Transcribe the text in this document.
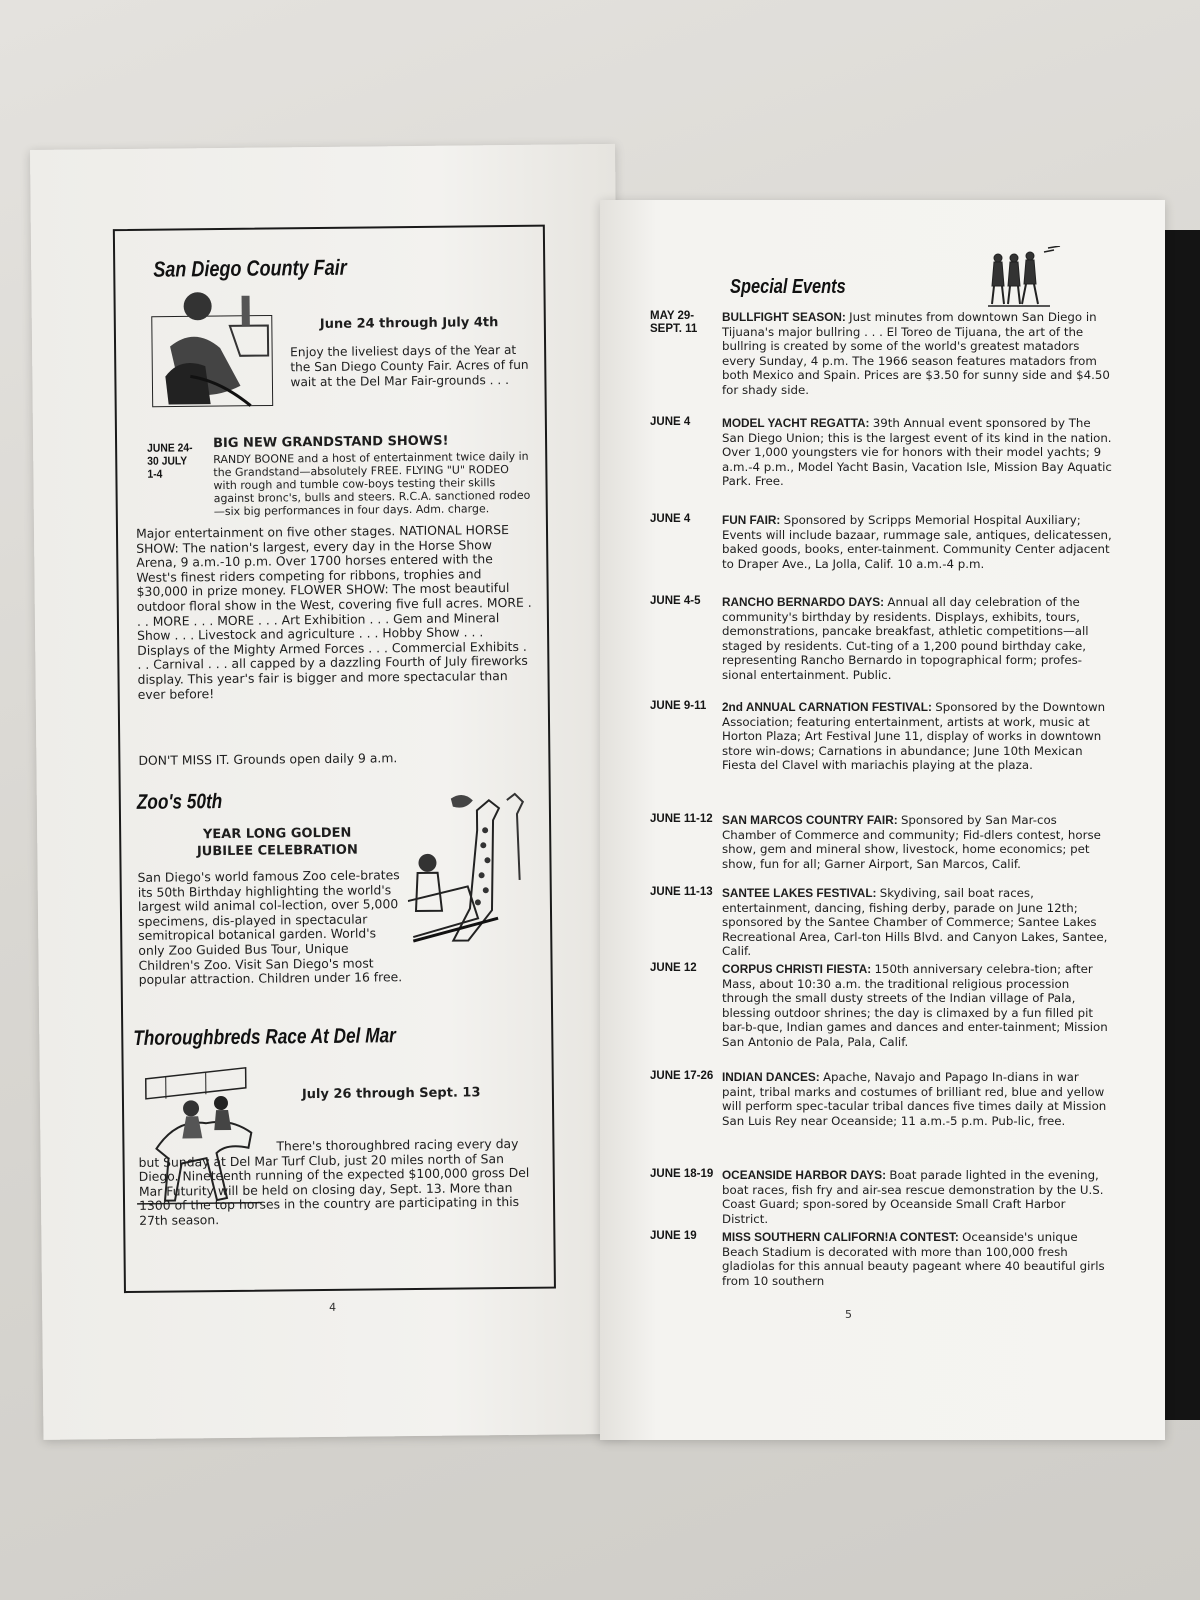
San Diego County Fair
June 24 through July 4th
Enjoy the liveliest days of the Year at the San Diego County Fair. Acres of fun wait at the Del Mar Fair-grounds . . .
JUNE 24-30 JULY 1-4
BIG NEW GRANDSTAND SHOWS!
RANDY BOONE and a host of entertainment twice daily in the Grandstand—absolutely FREE. FLYING "U" RODEO with rough and tumble cow-boys testing their skills against bronc's, bulls and steers. R.C.A. sanctioned rodeo—six big performances in four days. Adm. charge.
Major entertainment on five other stages. NATIONAL HORSE SHOW: The nation's largest, every day in the Horse Show Arena, 9 a.m.-10 p.m. Over 1700 horses entered with the West's finest riders competing for ribbons, trophies and $30,000 in prize money. FLOWER SHOW: The most beautiful outdoor floral show in the West, covering five full acres. MORE . . . MORE . . . MORE . . . Art Exhibition . . . Gem and Mineral Show . . . Livestock and agriculture . . . Hobby Show . . . Displays of the Mighty Armed Forces . . . Commercial Exhibits . . . Carnival . . . all capped by a dazzling Fourth of July fireworks display. This year's fair is bigger and more spectacular than ever before!
DON'T MISS IT. Grounds open daily 9 a.m.
Zoo's 50th
YEAR LONG GOLDEN JUBILEE CELEBRATION
San Diego's world famous Zoo cele-brates its 50th Birthday highlighting the world's largest wild animal col-lection, over 5,000 specimens, dis-played in spectacular semitropical botanical garden. World's only Zoo Guided Bus Tour, Unique Children's Zoo. Visit San Diego's most popular attraction. Children under 16 free.
Thoroughbreds Race At Del Mar
July 26 through Sept. 13
There's thoroughbred racing every day but Sunday at Del Mar Turf Club, just 20 miles north of San Diego. Nineteenth running of the expected $100,000 gross Del Mar Futurity will be held on closing day, Sept. 13. More than 1300 of the top horses in the country are participating in this 27th season.
4
Special Events
MAY 29- SEPT. 11
BULLFIGHT SEASON: Just minutes from downtown San Diego in Tijuana's major bullring . . . El Toreo de Tijuana, the art of the bullring is created by some of the world's greatest matadors every Sunday, 4 p.m. The 1966 season features matadors from both Mexico and Spain. Prices are $3.50 for sunny side and $4.50 for shady side.
JUNE 4	MODEL YACHT REGATTA: 39th Annual event sponsored by The San Diego Union; this is the largest event of its kind in the nation. Over 1,000 youngsters vie for honors with their model yachts; 9 a.m.-4 p.m., Model Yacht Basin, Vacation Isle, Mission Bay Aquatic Park. Free.
JUNE 4	FUN FAIR: Sponsored by Scripps Memorial Hospital Auxiliary; Events will include bazaar, rummage sale, antiques, delicatessen, baked goods, books, enter-tainment. Community Center adjacent to Draper Ave., La Jolla, Calif. 10 a.m.-4 p.m.
JUNE 4-5	RANCHO BERNARDO DAYS: Annual all day celebration of the community's birthday by residents. Displays, exhibits, tours, demonstrations, pancake breakfast, athletic competitions—all staged by residents. Cut-ting of a 1,200 pound birthday cake, representing Rancho Bernardo in topographical form; profes-sional entertainment. Public.
JUNE 9-11	2nd ANNUAL CARNATION FESTIVAL: Sponsored by the Downtown Association; featuring entertainment, artists at work, music at Horton Plaza; Art Festival June 11, display of works in downtown store win-dows; Carnations in abundance; June 10th Mexican Fiesta del Clavel with mariachis playing at the plaza.
JUNE 11-12 SAN MARCOS COUNTRY FAIR: Sponsored by San Mar-cos Chamber of Commerce and community; Fid-dlers contest, horse show, gem and mineral show, livestock, home economics; pet show, fun for all; Garner Airport, San Marcos, Calif.
JUNE 11-13 SANTEE LAKES FESTIVAL: Skydiving, sail boat races, entertainment, dancing, fishing derby, parade on June 12th; sponsored by the Santee Chamber of Commerce; Santee Lakes Recreational Area, Carl-ton Hills Blvd. and Canyon Lakes, Santee, Calif.
JUNE 12	CORPUS CHRISTI FIESTA: 150th anniversary celebra-tion; after Mass, about 10:30 a.m. the traditional religious procession through the small dusty streets of the Indian village of Pala, blessing outdoor shrines; the day is climaxed by a fun filled pit bar-b-que, Indian games and dances and enter-tainment; Mission San Antonio de Pala, Pala, Calif.
JUNE 17-26 INDIAN DANCES: Apache, Navajo and Papago In-dians in war paint, tribal marks and costumes of brilliant red, blue and yellow will perform spec-tacular tribal dances five times daily at Mission San Luis Rey near Oceanside; 11 a.m.-5 p.m. Pub-lic, free.
JUNE 18-19 OCEANSIDE HARBOR DAYS: Boat parade lighted in the evening, boat races, fish fry and air-sea rescue demonstration by the U.S. Coast Guard; spon-sored by Oceanside Small Craft Harbor District.
JUNE 19	MISS SOUTHERN CALIFORN!A CONTEST: Oceanside's unique Beach Stadium is decorated with more than 100,000 fresh gladiolas for this annual beauty pageant where 40 beautiful girls from 10 southern
5
